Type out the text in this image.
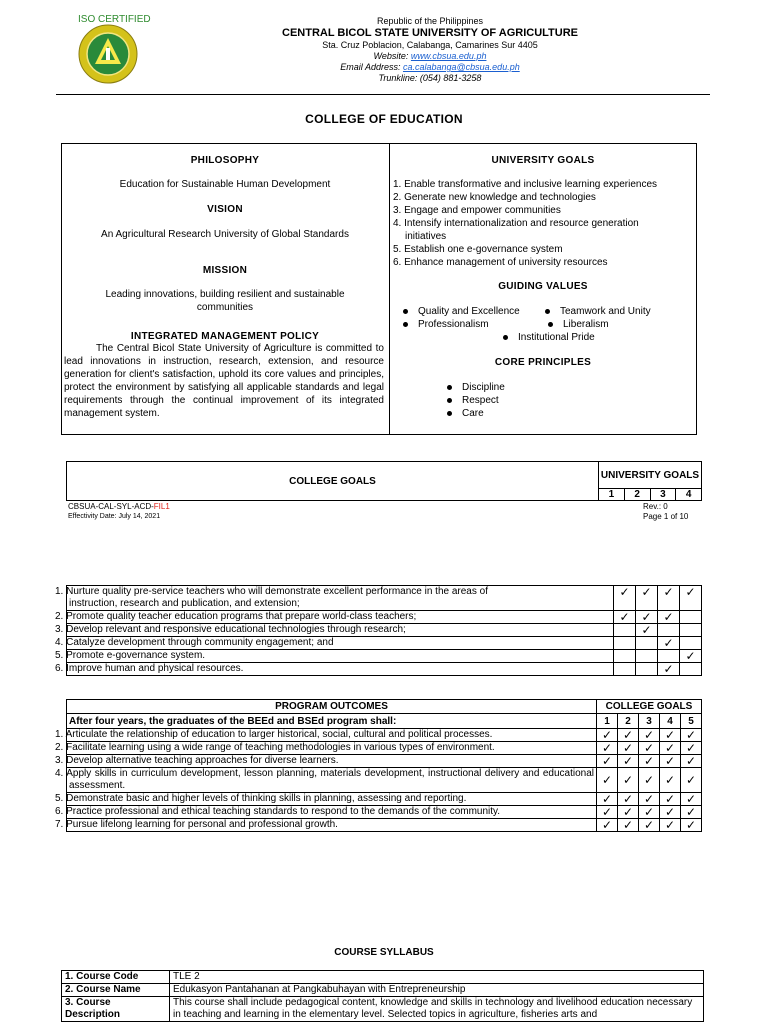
ISO CERTIFIED	Republic of the Philippines
CENTRAL BICOL STATE UNIVERSITY OF AGRICULTURE
Sta. Cruz Poblacion, Calabanga, Camarines Sur 4405
Website: www.cbsua.edu.ph
Email Address: ca.calabanga@cbsua.edu.ph
Trunkline: (054) 881-3258
COLLEGE OF EDUCATION
PHILOSOPHY

Education for Sustainable Human Development

VISION

An Agricultural Research University of Global Standards

MISSION

Leading innovations, building resilient and sustainable communities

INTEGRATED MANAGEMENT POLICY

The Central Bicol State University of Agriculture is committed to lead innovations in instruction, research, extension, and resource generation for client's satisfaction, uphold its core values and principles, protect the environment by satisfying all applicable standards and legal requirements through the continual improvement of its integrated management system.

UNIVERSITY GOALS
1. Enable transformative and inclusive learning experiences
2. Generate new knowledge and technologies
3. Engage and empower communities
4. Intensify internationalization and resource generation
initiatives
5. Establish one e-governance system
6. Enhance management of university resources
GUIDING VALUES
Quality and Excellence	Teamwork and Unity
Professionalism	Liberalism
Institutional Pride
CORE PRINCIPLES
Discipline
Respect
Care
COLLEGE GOALS	UNIVERSITY GOALS			
	1	2	3	4
CBSUA-CAL-SYL-ACD-FIL1
Effectivity Date: July 14, 2021
Rev.: 0
Page 1 of 10
1. Nurture quality pre-service teachers who will demonstrate excellent performance in the areas of
instruction, research and publication, and extension;	✓	✓	✓	✓
2. Promote quality teacher education programs that prepare world-class teachers;	✓	✓	✓	
3. Develop relevant and responsive educational technologies through research;		✓		
4. Catalyze development through community engagement; and			✓	
5. Promote e-governance system.				✓
6. Improve human and physical resources.			✓	
PROGRAM OUTCOMES	COLLEGE GOALS				
After four years, the graduates of the BEEd and BSEd program shall:	1	2	3	4	5
1. Articulate the relationship of education to larger historical, social, cultural and political processes.	✓	✓	✓	✓	✓
2. Facilitate learning using a wide range of teaching methodologies in various types of environment.	✓	✓	✓	✓	✓
3. Develop alternative teaching approaches for diverse learners.	✓	✓	✓	✓	✓
4. Apply skills in curriculum development, lesson planning, materials development, instructional delivery and educational assessment.	✓	✓	✓	✓	✓
5. Demonstrate basic and higher levels of thinking skills in planning, assessing and reporting.	✓	✓	✓	✓	✓
6. Practice professional and ethical teaching standards to respond to the demands of the community.	✓	✓	✓	✓	✓
7. Pursue lifelong learning for personal and professional growth.	✓	✓	✓	✓	✓
COURSE SYLLABUS
1. Course Code	TLE 2
2. Course Name	Edukasyon Pantahanan at Pangkabuhayan with Entrepreneurship
3. Course Description	This course shall include pedagogical content, knowledge and skills in technology and livelihood education necessary in teaching and learning in the elementary level. Selected topics in agriculture, fisheries arts and
